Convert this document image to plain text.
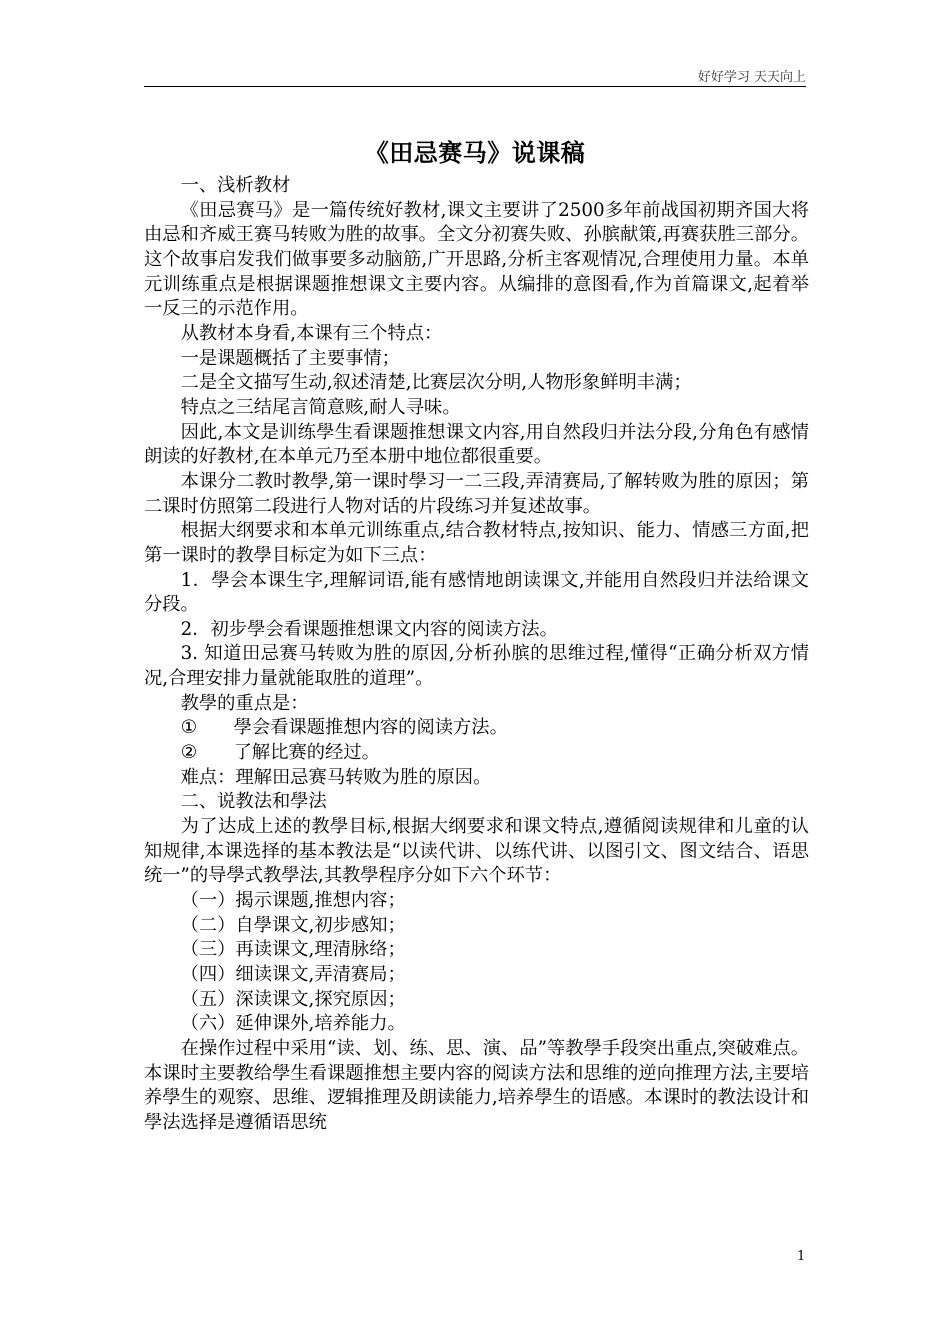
好好学习 天天向上
《田忌赛马》说课稿

一、浅析教材

《田忌赛马》是一篇传统好教材,课文主要讲了2500多年前战国初期齐国大将由忌和齐威王赛马转败为胜的故事。全文分初赛失败、孙膑献策,再赛获胜三部分。这个故事启发我们做事要多动脑筋,广开思路,分析主客观情况,合理使用力量。本单元训练重点是根据课题推想课文主要内容。从编排的意图看,作为首篇课文,起着举一反三的示范作用。

从教材本身看,本课有三个特点：

一是课题概括了主要事情；

二是全文描写生动,叙述清楚,比赛层次分明,人物形象鲜明丰满；

特点之三结尾言简意赅,耐人寻味。

因此,本文是训练學生看课题推想课文内容,用自然段归并法分段,分角色有感情朗读的好教材,在本单元乃至本册中地位都很重要。

本课分二教时教學,第一课时學习一二三段,弄清赛局,了解转败为胜的原因；第二课时仿照第二段进行人物对话的片段练习并复述故事。

根据大纲要求和本单元训练重点,结合教材特点,按知识、能力、情感三方面,把第一课时的教學目标定为如下三点：

1．學会本课生字,理解词语,能有感情地朗读课文,并能用自然段归并法给课文分段。

2．初步學会看课题推想课文内容的阅读方法。

3. 知道田忌赛马转败为胜的原因,分析孙膑的思维过程,懂得“正确分析双方情况,合理安排力量就能取胜的道理”。

教學的重点是：

① 學会看课题推想内容的阅读方法。

② 了解比赛的经过。

难点：理解田忌赛马转败为胜的原因。

二、说教法和學法

为了达成上述的教學目标,根据大纲要求和课文特点,遵循阅读规律和儿童的认知规律,本课选择的基本教法是“以读代讲、以练代讲、以图引文、图文结合、语思统一”的导學式教學法,其教學程序分如下六个环节：

（一）揭示课题,推想内容；

（二）自學课文,初步感知；

（三）再读课文,理清脉络；

（四）细读课文,弄清赛局；

（五）深读课文,探究原因；

（六）延伸课外,培养能力。

在操作过程中采用“读、划、练、思、演、品”等教學手段突出重点,突破难点。本课时主要教给學生看课题推想主要内容的阅读方法和思维的逆向推理方法,主要培养學生的观察、思维、逻辑推理及朗读能力,培养學生的语感。本课时的教法设计和學法选择是遵循语思统

1
